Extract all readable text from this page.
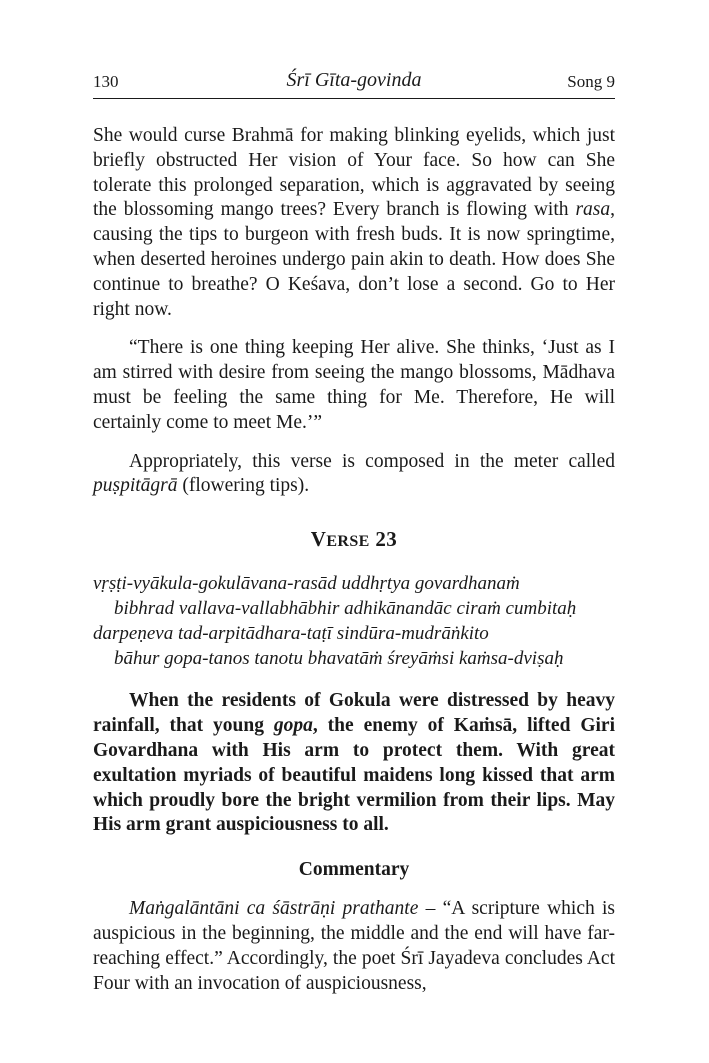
130	Śrī Gīta-govinda	Song 9

She would curse Brahmā for making blinking eyelids, which just briefly obstructed Her vision of Your face. So how can She tolerate this prolonged separation, which is aggravated by seeing the blossoming mango trees? Every branch is flowing with rasa, causing the tips to burgeon with fresh buds. It is now springtime, when deserted heroines undergo pain akin to death. How does She continue to breathe? O Keśava, don’t lose a second. Go to Her right now.

“There is one thing keeping Her alive. She thinks, ‘Just as I am stirred with desire from seeing the mango blossoms, Mādhava must be feeling the same thing for Me. Therefore, He will certainly come to meet Me.’”

Appropriately, this verse is composed in the meter called puṣpitāgrā (flowering tips).

VERSE 23
vṛṣṭi-vyākula-gokulāvana-rasād uddhṛtya govardhanaṁ
bibhrad vallava-vallabhābhir adhikānandāc ciraṁ cumbitaḥ
darpeṇeva tad-arpitādhara-taṭī sindūra-mudrāṅkito
bāhur gopa-tanos tanotu bhavatāṁ śreyāṁsi kaṁsa-dviṣaḥ

When the residents of Gokula were distressed by heavy rainfall, that young gopa, the enemy of Kaṁsā, lifted Giri Govardhana with His arm to protect them. With great exultation myriads of beautiful maidens long kissed that arm which proudly bore the bright vermilion from their lips. May His arm grant auspiciousness to all.

Commentary

Maṅgalāntāni ca śāstrāṇi prathante – “A scripture which is auspicious in the beginning, the middle and the end will have far-reaching effect.” Accordingly, the poet Śrī Jayadeva concludes Act Four with an invocation of auspiciousness,
